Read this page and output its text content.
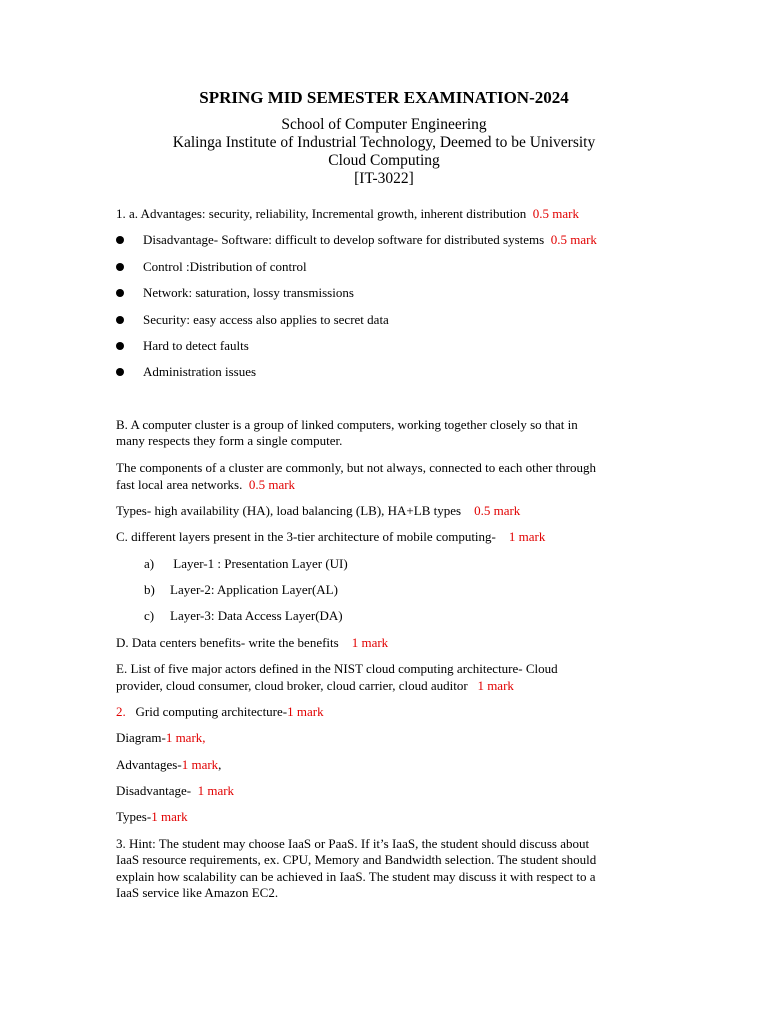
SPRING MID SEMESTER EXAMINATION-2024

School of Computer Engineering

Kalinga Institute of Industrial Technology, Deemed to be University

Cloud Computing

[IT-3022]

1. a. Advantages: security, reliability, Incremental growth, inherent distribution 0.5 mark
Disadvantage- Software: difficult to develop software for distributed systems 0.5 mark
Control :Distribution of control
Network: saturation, lossy transmissions
Security: easy access also applies to secret data
Hard to detect faults
Administration issues
B. A computer cluster is a group of linked computers, working together closely so that in
many respects they form a single computer.
The components of a cluster are commonly, but not always, connected to each other through
fast local area networks. 0.5 mark
Types- high availability (HA), load balancing (LB), HA+LB types 0.5 mark
C. different layers present in the 3-tier architecture of mobile computing- 1 mark
a) Layer-1 : Presentation Layer (UI)
b) Layer-2: Application Layer(AL)
c) Layer-3: Data Access Layer(DA)
D. Data centers benefits- write the benefits 1 mark
E. List of five major actors defined in the NIST cloud computing architecture- Cloud
provider, cloud consumer, cloud broker, cloud carrier, cloud auditor 1 mark
2. Grid computing architecture-1 mark
Diagram-1 mark,
Advantages-1 mark,
Disadvantage- 1 mark
Types-1 mark
3. Hint: The student may choose IaaS or PaaS. If it’s IaaS, the student should discuss about
IaaS resource requirements, ex. CPU, Memory and Bandwidth selection. The student should
explain how scalability can be achieved in IaaS. The student may discuss it with respect to a
IaaS service like Amazon EC2.
